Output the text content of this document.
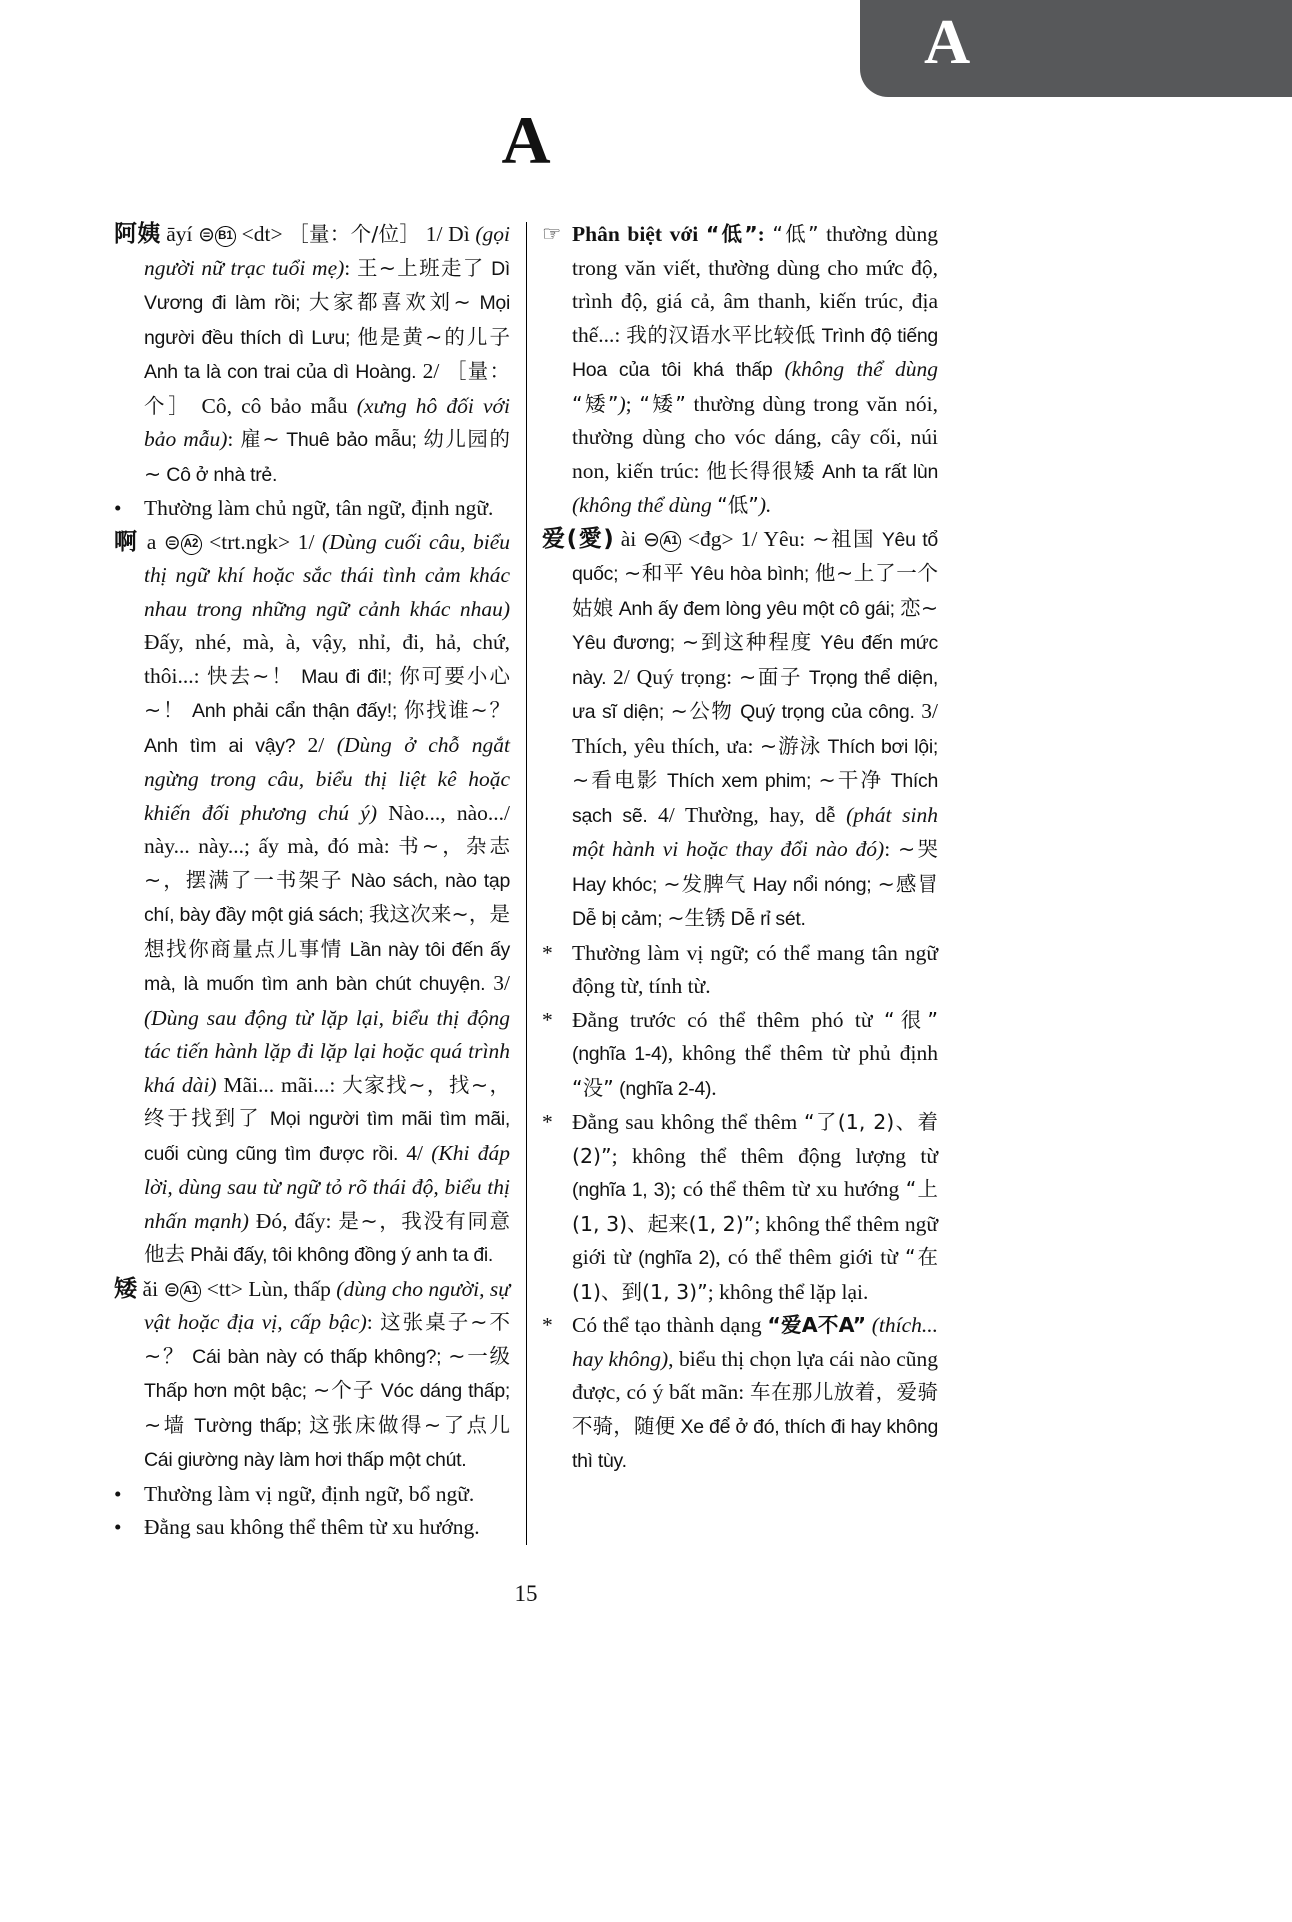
A
A

阿姨 āyí ⊜ B1 <dt> ［量：个/位］ 1/ Dì (gọi người nữ trạc tuổi mẹ): 王~上班走了 Dì Vương đi làm rồi; 大家都喜欢刘~ Mọi người đều thích dì Lưu; 他是黄~的儿子 Anh ta là con trai của dì Hoàng. 2/ ［量：个］ Cô, cô bảo mẫu (xưng hô đối với bảo mẫu): 雇~ Thuê bảo mẫu; 幼儿园的~ Cô ở nhà trẻ.

• Thường làm chủ ngữ, tân ngữ, định ngữ.

啊 a ⊜ A2 <trt.ngk> 1/ (Dùng cuối câu, biểu thị ngữ khí hoặc sắc thái tình cảm khác nhau trong những ngữ cảnh khác nhau) Đấy, nhé, mà, à, vậy, nhỉ, đi, hả, chứ, thôi...: 快去~！ Mau đi đi!; 你可要小心~！ Anh phải cẩn thận đấy!; 你找谁~？ Anh tìm ai vậy? 2/ (Dùng ở chỗ ngắt ngừng trong câu, biểu thị liệt kê hoặc khiến đối phương chú ý) Nào..., nào.../ này... này...; ấy mà, đó mà: 书~，杂志~，摆满了一书架子 Nào sách, nào tạp chí, bày đầy một giá sách; 我这次来~，是想找你商量点儿事情 Lần này tôi đến ấy mà, là muốn tìm anh bàn chút chuyện. 3/ (Dùng sau động từ lặp lại, biểu thị động tác tiến hành lặp đi lặp lại hoặc quá trình khá dài) Mãi... mãi...: 大家找~，找~，终于找到了 Mọi người tìm mãi tìm mãi, cuối cùng cũng tìm được rồi. 4/ (Khi đáp lời, dùng sau từ ngữ tỏ rõ thái độ, biểu thị nhấn mạnh) Đó, đấy: 是~，我没有同意他去 Phải đấy, tôi không đồng ý anh ta đi.

矮 ǎi ⊜ A1 <tt> Lùn, thấp (dùng cho người, sự vật hoặc địa vị, cấp bậc): 这张桌子~不~？ Cái bàn này có thấp không?; ~一级 Thấp hơn một bậc; ~个子 Vóc dáng thấp; ~墙 Tường thấp; 这张床做得~了点儿 Cái giường này làm hơi thấp một chút.

• Thường làm vị ngữ, định ngữ, bổ ngữ.

• Đằng sau không thể thêm từ xu hướng.

☞ Phân biệt với “低”: “低” thường dùng trong văn viết, thường dùng cho mức độ, trình độ, giá cả, âm thanh, kiến trúc, địa thế...: 我的汉语水平比较低 Trình độ tiếng Hoa của tôi khá thấp (không thể dùng “矮”); “矮” thường dùng trong văn nói, thường dùng cho vóc dáng, cây cối, núi non, kiến trúc: 他长得很矮 Anh ta rất lùn (không thể dùng “低”).

爱(愛) ài ⊖ A1 <đg> 1/ Yêu: ~祖国 Yêu tổ quốc; ~和平 Yêu hòa bình; 他~上了一个姑娘 Anh ấy đem lòng yêu một cô gái; 恋~ Yêu đương; ~到这种程度 Yêu đến mức này. 2/ Quý trọng: ~面子 Trọng thể diện, ưa sĩ diện; ~公物 Quý trọng của công. 3/ Thích, yêu thích, ưa: ~游泳 Thích bơi lội; ~看电影 Thích xem phim; ~干净 Thích sạch sẽ. 4/ Thường, hay, dễ (phát sinh một hành vi hoặc thay đổi nào đó): ~哭 Hay khóc; ~发脾气 Hay nổi nóng; ~感冒 Dễ bị cảm; ~生锈 Dễ rỉ sét.

* Thường làm vị ngữ; có thể mang tân ngữ động từ, tính từ.

* Đằng trước có thể thêm phó từ “很” (nghĩa 1-4), không thể thêm từ phủ định “没” (nghĩa 2-4).

* Đằng sau không thể thêm “了(1, 2)、着(2)”; không thể thêm động lượng từ (nghĩa 1, 3); có thể thêm từ xu hướng “上(1, 3)、起来(1, 2)”; không thể thêm ngữ giới từ (nghĩa 2), có thể thêm giới từ “在(1)、到(1, 3)”; không thể lặp lại.

* Có thể tạo thành dạng “爱A不A” (thích... hay không), biểu thị chọn lựa cái nào cũng được, có ý bất mãn: 车在那儿放着，爱骑不骑，随便 Xe để ở đó, thích đi hay không thì tùy.

15
